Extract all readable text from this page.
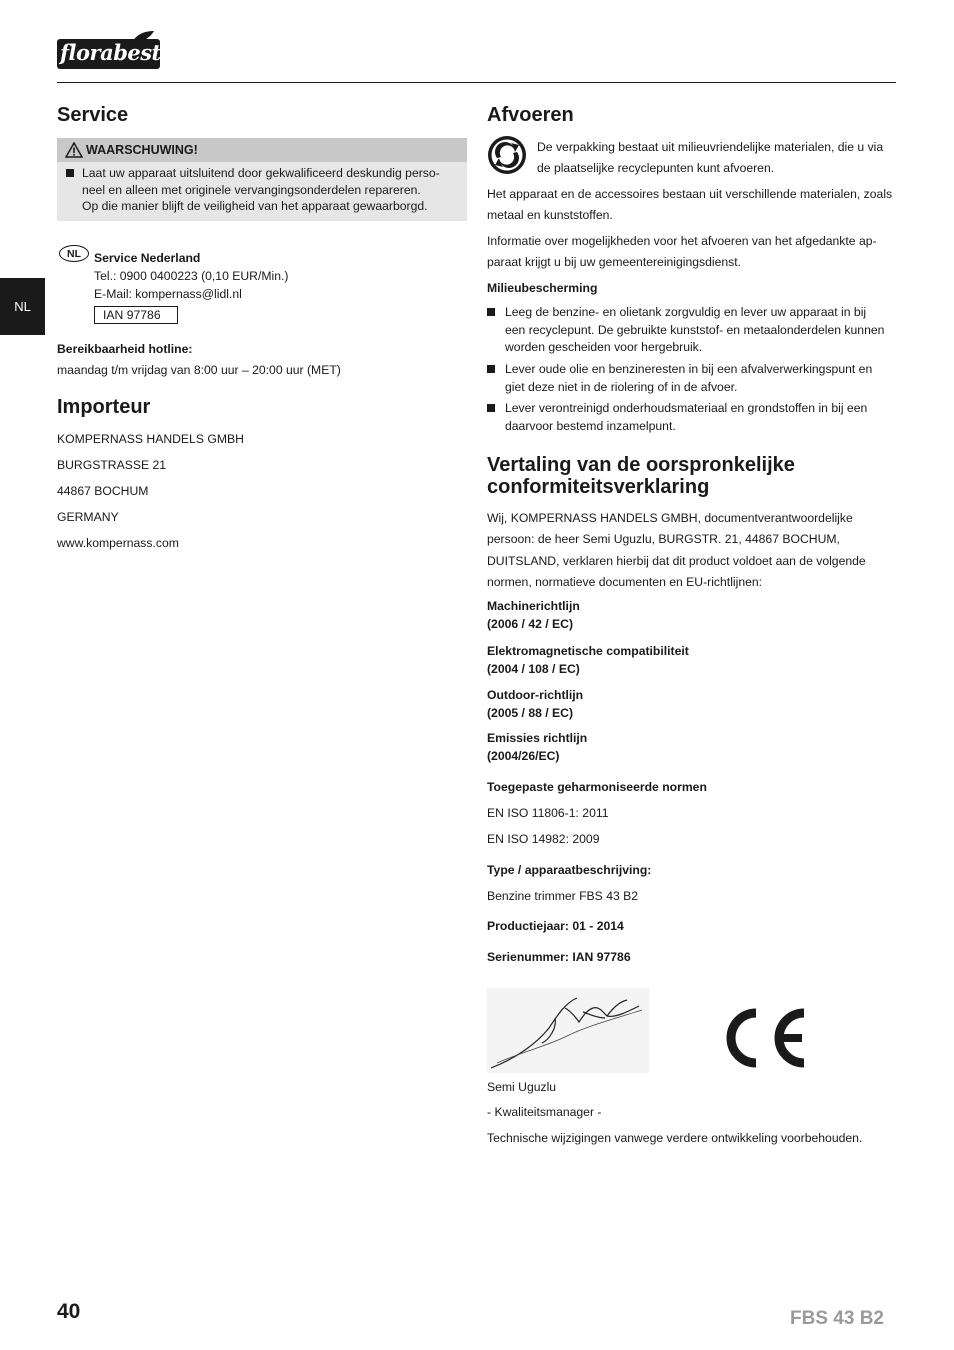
florabest
NL
Service
WAARSCHUWING!
Laat uw apparaat uitsluitend door gekwalificeerd deskundig perso-
neel en alleen met originele vervangingsonderdelen repareren.
Op die manier blijft de veiligheid van het apparaat gewaarborgd.
NL	Service Nederland
Tel.: 0900 0400223 (0,10 EUR/Min.)
E-Mail: kompernass@lidl.nl
IAN 97786
Bereikbaarheid hotline:
maandag t/m vrijdag van 8:00 uur – 20:00 uur (MET)
Importeur
KOMPERNASS HANDELS GMBH
BURGSTRASSE 21
44867 BOCHUM
GERMANY
www.kompernass.com
Afvoeren
De verpakking bestaat uit milieuvriendelijke materialen, die u via
de plaatselijke recyclepunten kunt afvoeren.
Het apparaat en de accessoires bestaan uit verschillende materialen, zoals
metaal en kunststoffen.
Informatie over mogelijkheden voor het afvoeren van het afgedankte ap-
paraat krijgt u bij uw gemeentereinigingsdienst.
Milieubescherming
Leeg de benzine- en olietank zorgvuldig en lever uw apparaat in bij
een recyclepunt. De gebruikte kunststof- en metaalonderdelen kunnen
worden gescheiden voor hergebruik.
Lever oude olie en benzineresten in bij een afvalverwerkingspunt en
giet deze niet in de riolering of in de afvoer.
Lever verontreinigd onderhoudsmateriaal en grondstoffen in bij een
daarvoor bestemd inzamelpunt.
Vertaling van de oorspronkelijke
conformiteitsverklaring
Wij, KOMPERNASS HANDELS GMBH, documentverantwoordelijke
persoon: de heer Semi Uguzlu, BURGSTR. 21, 44867 BOCHUM,
DUITSLAND, verklaren hierbij dat dit product voldoet aan de volgende
normen, normatieve documenten en EU-richtlijnen:
Machinerichtlijn
(2006 / 42 / EC)
Elektromagnetische compatibiliteit
(2004 / 108 / EC)
Outdoor-richtlijn
(2005 / 88 / EC)
Emissies richtlijn
(2004/26/EC)
Toegepaste geharmoniseerde normen
EN ISO 11806-1: 2011
EN ISO 14982: 2009
Type / apparaatbeschrijving:
Benzine trimmer FBS 43 B2
Productiejaar: 01 - 2014
Serienummer: IAN 97786
Semi Uguzlu
- Kwaliteitsmanager -
Technische wijzigingen vanwege verdere ontwikkeling voorbehouden.
40	FBS 43 B2
